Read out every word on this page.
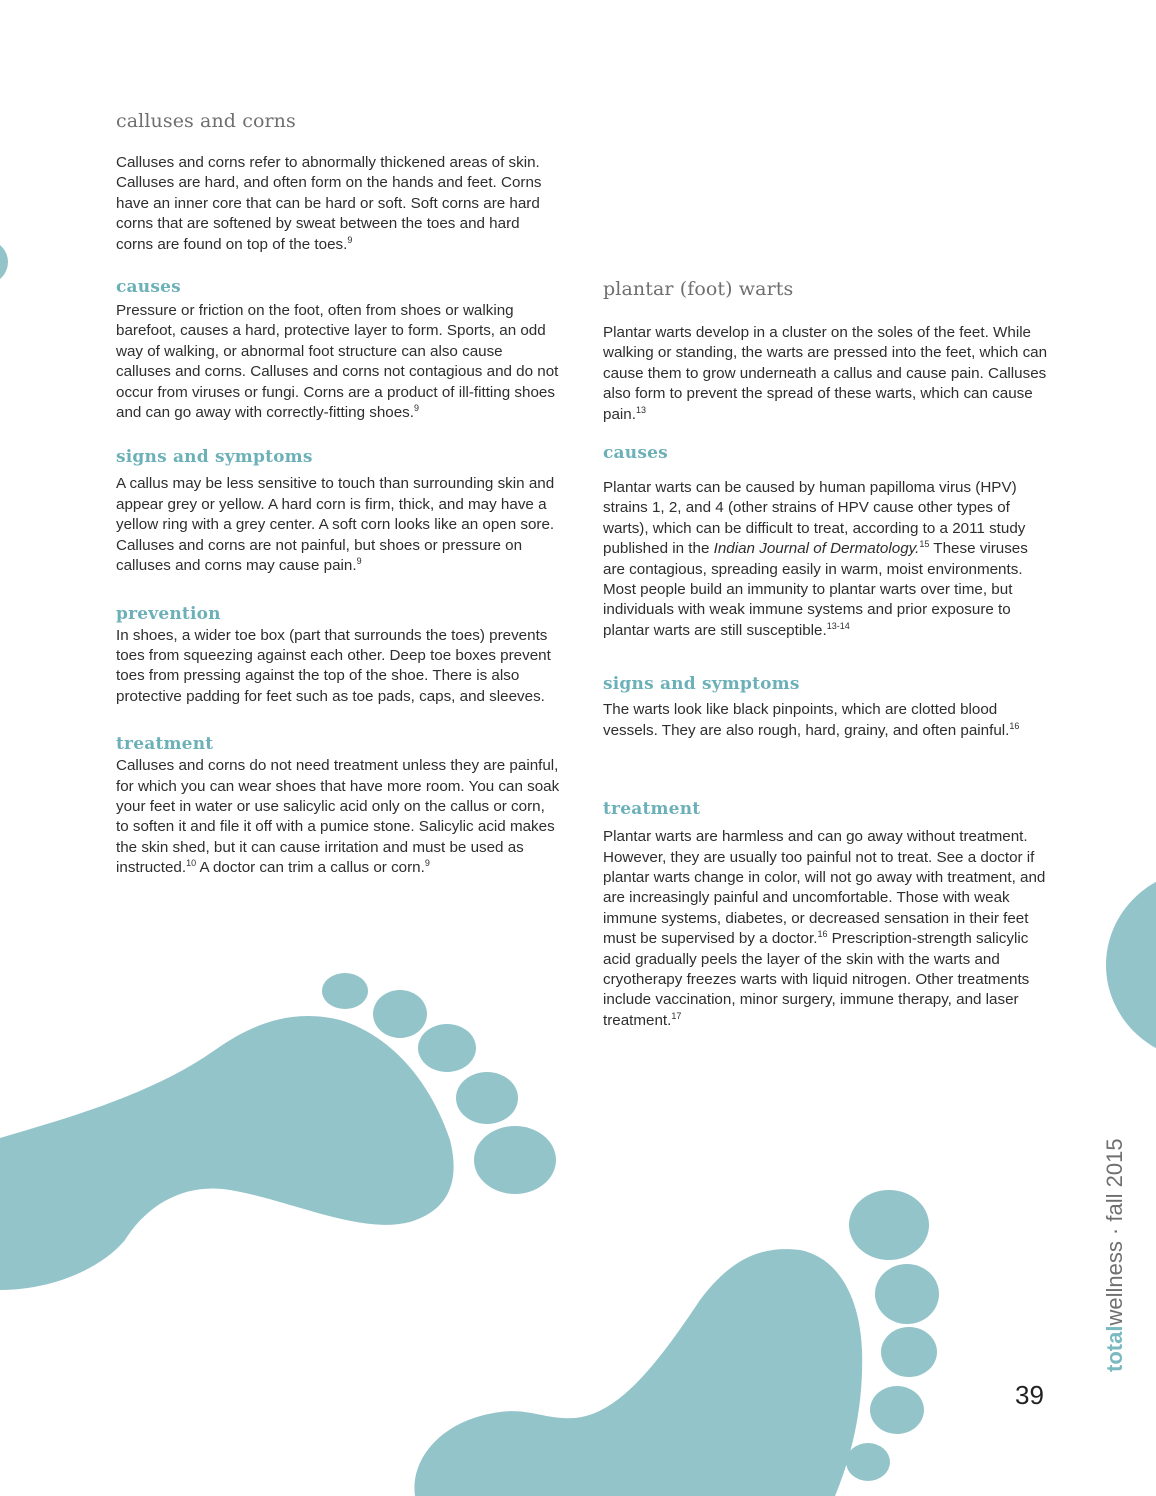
calluses and corns

Calluses and corns refer to abnormally thickened areas of skin. Calluses are hard, and often form on the hands and feet. Corns have an inner core that can be hard or soft. Soft corns are hard corns that are softened by sweat between the toes and hard corns are found on top of the toes.$^9$

causes

Pressure or friction on the foot, often from shoes or walking barefoot, causes a hard, protective layer to form. Sports, an odd way of walking, or abnormal foot structure can also cause calluses and corns. Calluses and corns not contagious and do not occur from viruses or fungi. Corns are a product of ill-fitting shoes and can go away with correctly-fitting shoes.$^9$

signs and symptoms

A callus may be less sensitive to touch than surrounding skin and appear grey or yellow. A hard corn is firm, thick, and may have a yellow ring with a grey center. A soft corn looks like an open sore. Calluses and corns are not painful, but shoes or pressure on calluses and corns may cause pain.$^9$

prevention

In shoes, a wider toe box (part that surrounds the toes) prevents toes from squeezing against each other. Deep toe boxes prevent toes from pressing against the top of the shoe. There is also protective padding for feet such as toe pads, caps, and sleeves.

treatment

Calluses and corns do not need treatment unless they are painful, for which you can wear shoes that have more room. You can soak your feet in water or use salicylic acid only on the callus or corn, to soften it and file it off with a pumice stone. Salicylic acid makes the skin shed, but it can cause irritation and must be used as instructed.$^{10}$ A doctor can trim a callus or corn.$^9$

plantar (foot) warts

Plantar warts develop in a cluster on the soles of the feet. While walking or standing, the warts are pressed into the feet, which can cause them to grow underneath a callus and cause pain. Calluses also form to prevent the spread of these warts, which can cause pain.$^{13}$

causes

Plantar warts can be caused by human papilloma virus (HPV) strains 1, 2, and 4 (other strains of HPV cause other types of warts), which can be difficult to treat, according to a 2011 study published in the Indian Journal of Dermatology.$^{15}$ These viruses are contagious, spreading easily in warm, moist environments. Most people build an immunity to plantar warts over time, but individuals with weak immune systems and prior exposure to plantar warts are still susceptible.$^{13-14}$

signs and symptoms

The warts look like black pinpoints, which are clotted blood vessels. They are also rough, hard, grainy, and often painful.$^{16}$

treatment

Plantar warts are harmless and can go away without treatment. However, they are usually too painful not to treat. See a doctor if plantar warts change in color, will not go away with treatment, and are increasingly painful and uncomfortable. Those with weak immune systems, diabetes, or decreased sensation in their feet must be supervised by a doctor.$^{16}$ Prescription-strength salicylic acid gradually peels the layer of the skin with the warts and cryotherapy freezes warts with liquid nitrogen. Other treatments include vaccination, minor surgery, immune therapy, and laser treatment.$^{17}$

39
totalwellness · fall 2015
